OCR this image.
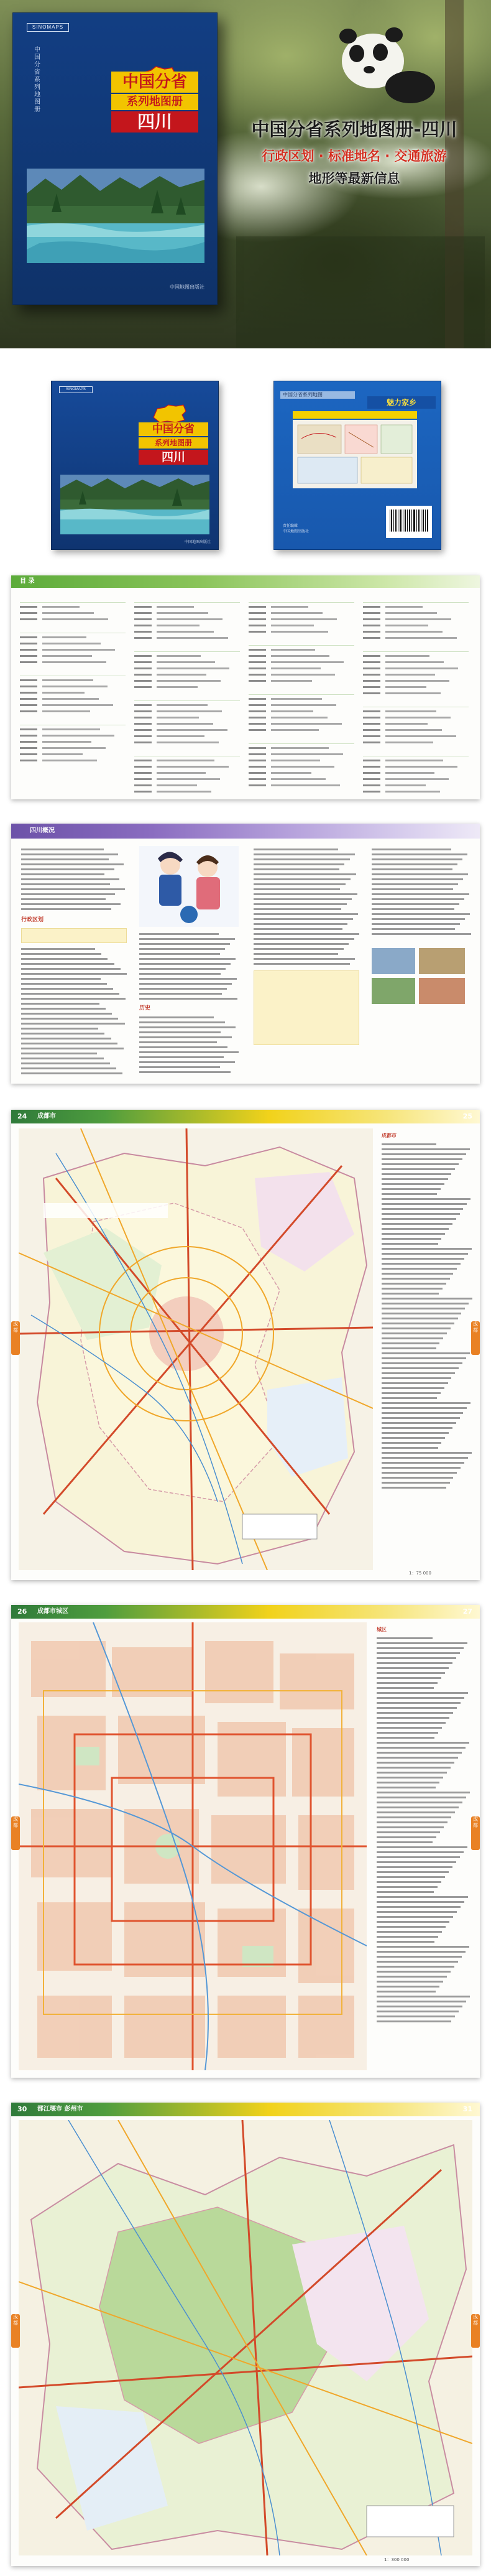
SINOMAPS
中
国
分
省
系
列
地
图
册
中国分省
系列地图册
四川
中国地图出版社
中国分省系列地图册-四川
行政区划 · 标准地名 · 交通旅游
地形等最新信息
SINOMAPS
中国分省
系列地图册
四川
中国地图出版社
中国分省系列地图
魅力家乡
责任编辑
中国地图出版社
目 录
四川概况
行政区划
历史
24 成都市	25
成都
成都市
成都
1：75 000
26 成都市城区	27
成都
城区
成都
30 都江堰市 彭州市	31
成都
成都
1：300 000
